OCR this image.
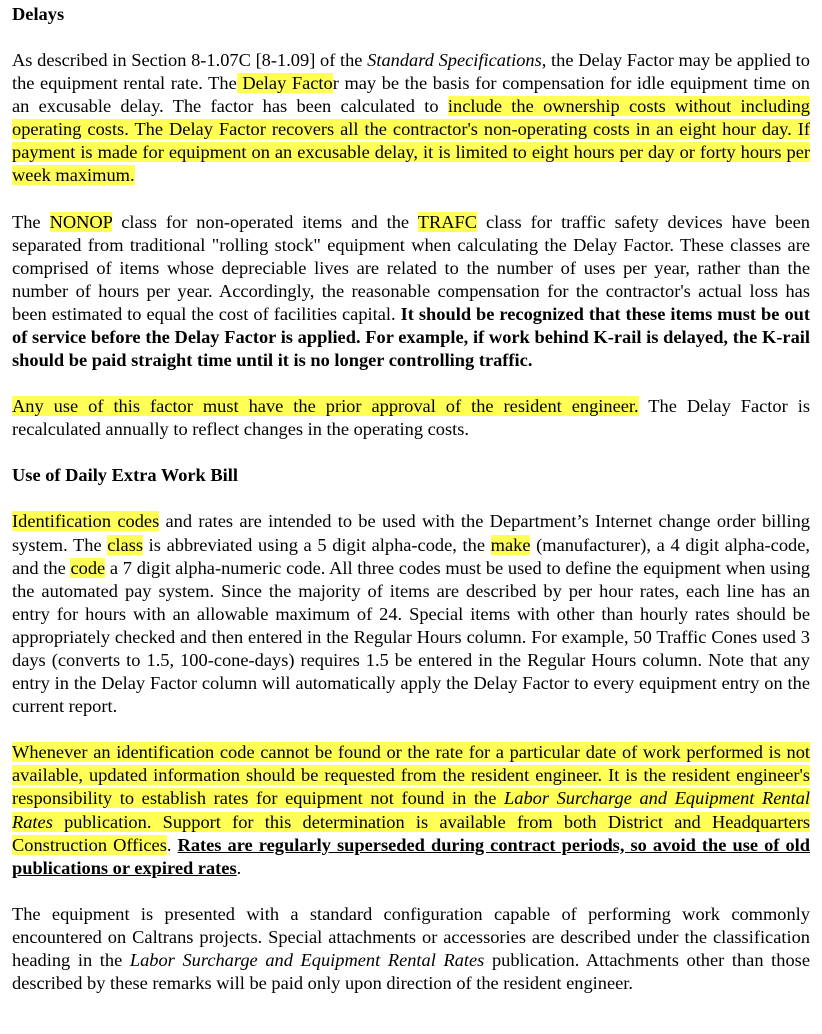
Delays

As described in Section 8-1.07C [8-1.09] of the Standard Specifications, the Delay Factor may be applied to the equipment rental rate. The Delay Factor may be the basis for compensation for idle equipment time on an excusable delay. The factor has been calculated to include the ownership costs without including operating costs. The Delay Factor recovers all the contractor's non-operating costs in an eight hour day. If payment is made for equipment on an excusable delay, it is limited to eight hours per day or forty hours per week maximum.

The NONOP class for non-operated items and the TRAFC class for traffic safety devices have been separated from traditional "rolling stock" equipment when calculating the Delay Factor. These classes are comprised of items whose depreciable lives are related to the number of uses per year, rather than the number of hours per year. Accordingly, the reasonable compensation for the contractor's actual loss has been estimated to equal the cost of facilities capital. It should be recognized that these items must be out of service before the Delay Factor is applied. For example, if work behind K-rail is delayed, the K-rail should be paid straight time until it is no longer controlling traffic.

Any use of this factor must have the prior approval of the resident engineer. The Delay Factor is recalculated annually to reflect changes in the operating costs.

Use of Daily Extra Work Bill

Identification codes and rates are intended to be used with the Department’s Internet change order billing system. The class is abbreviated using a 5 digit alpha-code, the make (manufacturer), a 4 digit alpha-code, and the code a 7 digit alpha-numeric code. All three codes must be used to define the equipment when using the automated pay system. Since the majority of items are described by per hour rates, each line has an entry for hours with an allowable maximum of 24. Special items with other than hourly rates should be appropriately checked and then entered in the Regular Hours column. For example, 50 Traffic Cones used 3 days (converts to 1.5, 100-cone-days) requires 1.5 be entered in the Regular Hours column. Note that any entry in the Delay Factor column will automatically apply the Delay Factor to every equipment entry on the current report.

Whenever an identification code cannot be found or the rate for a particular date of work performed is not available, updated information should be requested from the resident engineer. It is the resident engineer's responsibility to establish rates for equipment not found in the Labor Surcharge and Equipment Rental Rates publication. Support for this determination is available from both District and Headquarters Construction Offices. Rates are regularly superseded during contract periods, so avoid the use of old publications or expired rates.

The equipment is presented with a standard configuration capable of performing work commonly encountered on Caltrans projects. Special attachments or accessories are described under the classification heading in the Labor Surcharge and Equipment Rental Rates publication. Attachments other than those described by these remarks will be paid only upon direction of the resident engineer.
